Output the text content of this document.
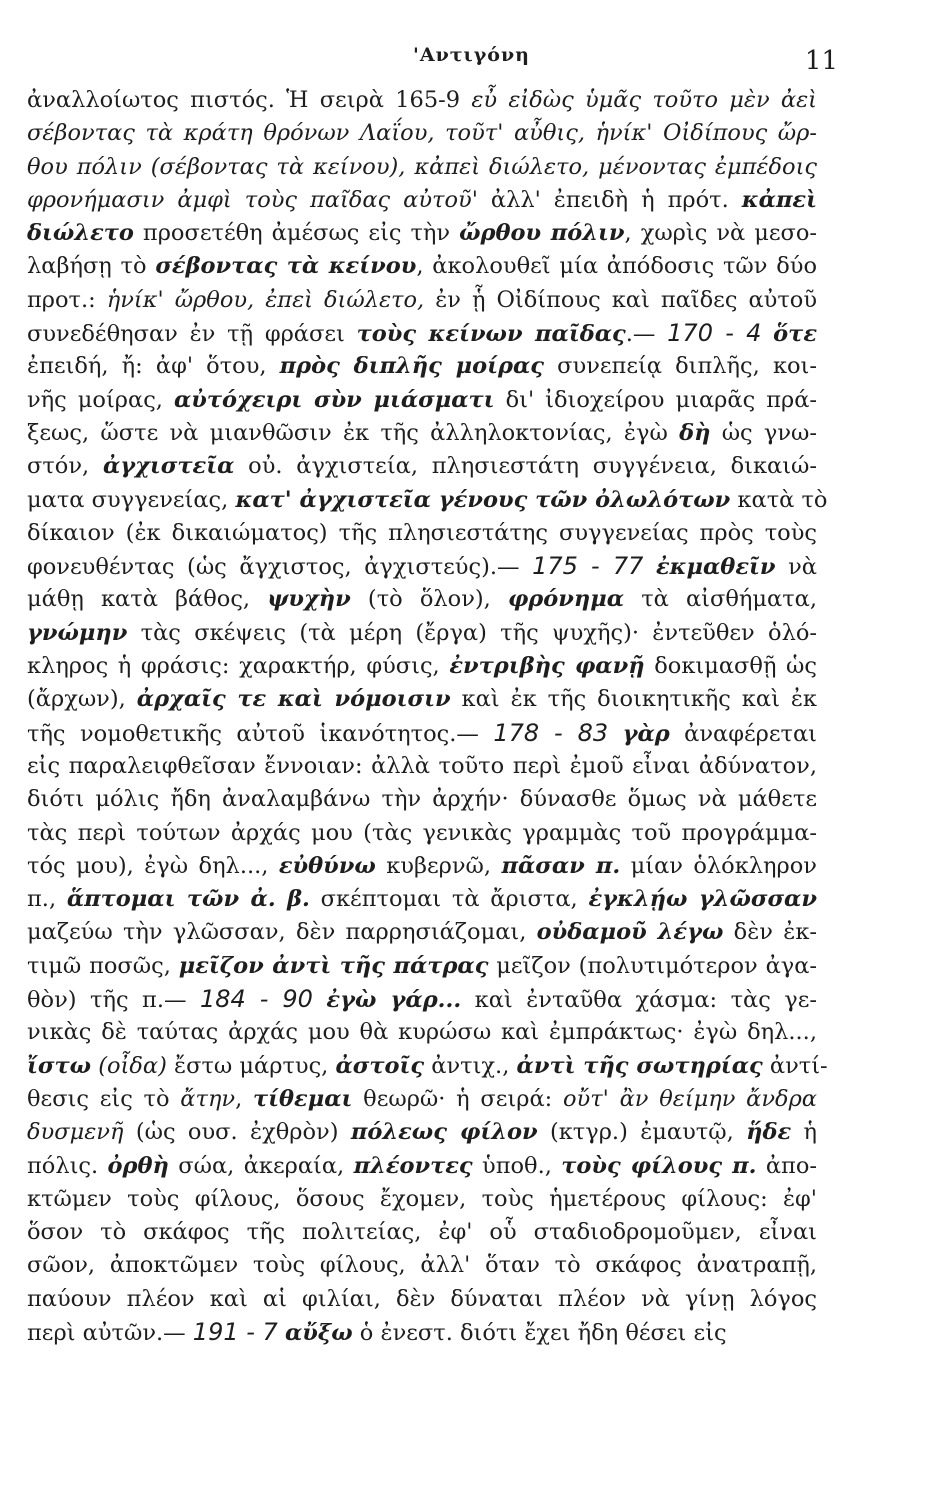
'Αντιγόνη	11
ἀναλλοίωτος πιστός. Ἡ σειρὰ 165-9 εὖ εἰδὼς ὑμᾶς τοῦτο μὲν ἀεὶ
σέβοντας τὰ κράτη θρόνων Λαΐου, τοῦτ' αὖθις, ἡνίκ' Οἰδίπους ὤρ-
θου πόλιν (σέβοντας τὰ κείνου), κἀπεὶ διώλετο, μένοντας ἐμπέδοις
φρονήμασιν ἀμφὶ τοὺς παῖδας αὐτοῦ' ἀλλ' ἐπειδὴ ἡ πρότ. κἀπεὶ
διώλετο προσετέθη ἀμέσως εἰς τὴν ὤρθου πόλιν, χωρὶς νὰ μεσο-
λαβήσῃ τὸ σέβοντας τὰ κείνου, ἀκολουθεῖ μία ἀπόδοσις τῶν δύο
προτ.: ἡνίκ' ὤρθου, ἐπεὶ διώλετο, ἐν ᾗ Οἰδίπους καὶ παῖδες αὐτοῦ
συνεδέθησαν ἐν τῇ φράσει τοὺς κείνων παῖδας.— 170 - 4 ὅτε
ἐπειδή, ἤ: ἀφ' ὅτου, πρὸς διπλῆς μοίρας συνεπείᾳ διπλῆς, κοι-
νῆς μοίρας, αὐτόχειρι σὺν μιάσματι δι' ἰδιοχείρου μιαρᾶς πρά-
ξεως, ὥστε νὰ μιανθῶσιν ἐκ τῆς ἀλληλοκτονίας, ἐγὼ δὴ ὡς γνω-
στόν, ἀγχιστεῖα οὐ. ἀγχιστεία, πλησιεστάτη συγγένεια, δικαιώ-
ματα συγγενείας, κατ' ἀγχιστεῖα γένους τῶν ὀλωλότων κατὰ τὸ
δίκαιον (ἐκ δικαιώματος) τῆς πλησιεστάτης συγγενείας πρὸς τοὺς
φονευθέντας (ὡς ἄγχιστος, ἀγχιστεύς).— 175 - 77 ἐκμαθεῖν νὰ
μάθῃ κατὰ βάθος, ψυχὴν (τὸ ὅλον), φρόνημα τὰ αἰσθήματα,
γνώμην τὰς σκέψεις (τὰ μέρη (ἔργα) τῆς ψυχῆς)· ἐντεῦθεν ὁλό-
κληρος ἡ φράσις: χαρακτήρ, φύσις, ἐντριβὴς φανῇ δοκιμασθῇ ὡς
(ἄρχων), ἀρχαῖς τε καὶ νόμοισιν καὶ ἐκ τῆς διοικητικῆς καὶ ἐκ
τῆς νομοθετικῆς αὐτοῦ ἱκανότητος.— 178 - 83 γὰρ ἀναφέρεται
εἰς παραλειφθεῖσαν ἔννοιαν: ἀλλὰ τοῦτο περὶ ἐμοῦ εἶναι ἀδύνατον,
διότι μόλις ἤδη ἀναλαμβάνω τὴν ἀρχήν· δύνασθε ὅμως νὰ μάθετε
τὰς περὶ τούτων ἀρχάς μου (τὰς γενικὰς γραμμὰς τοῦ προγράμμα-
τός μου), ἐγὼ δηλ..., εὐθύνω κυβερνῶ, πᾶσαν π. μίαν ὁλόκληρον
π., ἅπτομαι τῶν ἀ. β. σκέπτομαι τὰ ἄριστα, ἐγκλῄω γλῶσσαν
μαζεύω τὴν γλῶσσαν, δὲν παρρησιάζομαι, οὐδαμοῦ λέγω δὲν ἐκ-
τιμῶ ποσῶς, μεῖζον ἀντὶ τῆς πάτρας μεῖζον (πολυτιμότερον ἀγα-
θὸν) τῆς π.— 184 - 90 ἐγὼ γάρ... καὶ ἐνταῦθα χάσμα: τὰς γε-
νικὰς δὲ ταύτας ἀρχάς μου θὰ κυρώσω καὶ ἐμπράκτως· ἐγὼ δηλ...,
ἴστω (οἶδα) ἔστω μάρτυς, ἀστοῖς ἀντιχ., ἀντὶ τῆς σωτηρίας ἀντί-
θεσις εἰς τὸ ἄτην, τίθεμαι θεωρῶ· ἡ σειρά: οὔτ' ἂν θείμην ἄνδρα
δυσμενῆ (ὡς ουσ. ἐχθρὸν) πόλεως φίλον (κτγρ.) ἐμαυτῷ, ἥδε ἡ
πόλις. ὀρθὴ σώα, ἀκεραία, πλέοντες ὑποθ., τοὺς φίλους π. ἀπο-
κτῶμεν τοὺς φίλους, ὅσους ἔχομεν, τοὺς ἡμετέρους φίλους: ἐφ'
ὅσον τὸ σκάφος τῆς πολιτείας, ἐφ' οὗ σταδιοδρομοῦμεν, εἶναι
σῶον, ἀποκτῶμεν τοὺς φίλους, ἀλλ' ὅταν τὸ σκάφος ἀνατραπῇ,
παύουν πλέον καὶ αἱ φιλίαι, δὲν δύναται πλέον νὰ γίνῃ λόγος
περὶ αὐτῶν.— 191 - 7 αὔξω ὁ ἐνεστ. διότι ἔχει ἤδη θέσει εἰς
